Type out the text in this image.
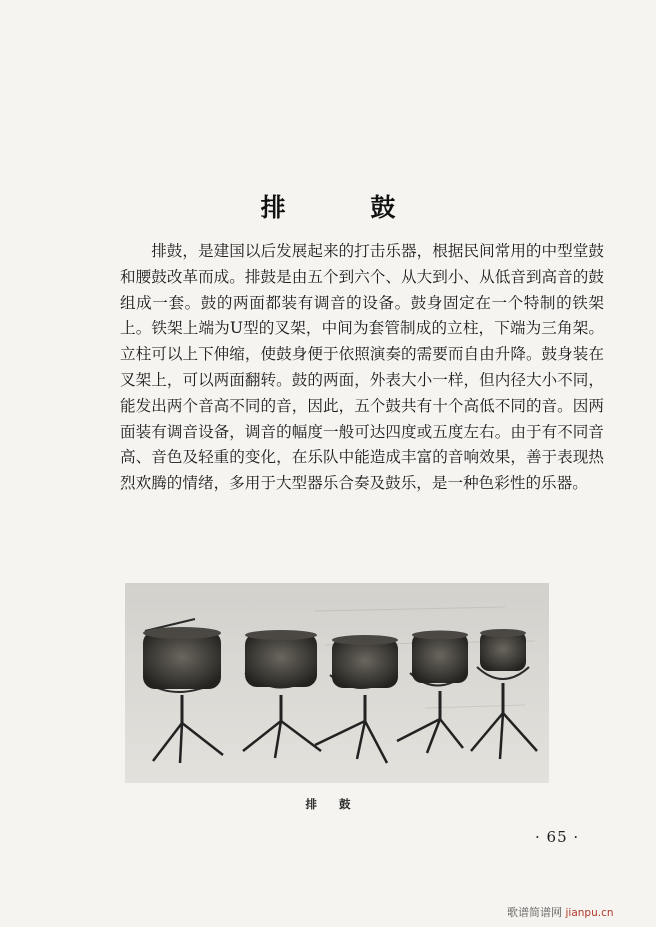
排 鼓

排鼓，是建国以后发展起来的打击乐器，根据民间常用的中型堂鼓和腰鼓改革而成。排鼓是由五个到六个、从大到小、从低音到高音的鼓组成一套。鼓的两面都装有调音的设备。鼓身固定在一个特制的铁架上。铁架上端为U型的叉架，中间为套管制成的立柱，下端为三角架。立柱可以上下伸缩，使鼓身便于依照演奏的需要而自由升降。鼓身装在叉架上，可以两面翻转。鼓的两面，外表大小一样，但内径大小不同，能发出两个音高不同的音，因此，五个鼓共有十个高低不同的音。因两面装有调音设备，调音的幅度一般可达四度或五度左右。由于有不同音高、音色及轻重的变化，在乐队中能造成丰富的音响效果，善于表现热烈欢腾的情绪，多用于大型器乐合奏及鼓乐，是一种色彩性的乐器。

排 鼓
· 65 ·
歌谱简谱网 jianpu.cn
